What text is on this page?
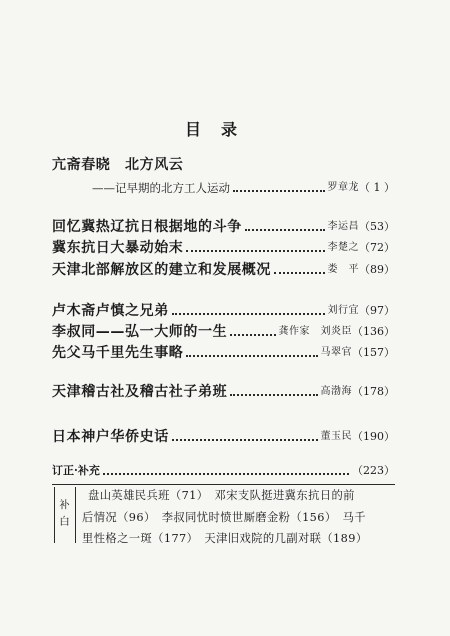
目　录
亢斋春晓　北方风云
——记早期的北方工人运动	罗章龙 （ 1 ）
回忆冀热辽抗日根据地的斗争	李运昌 （53）
冀东抗日大暴动始末	李楚之 （72）
天津北部解放区的建立和发展概况	娄　平 （89）
卢木斋卢慎之兄弟	刘行宜 （97）
李叔同——弘一大师的一生	龚作家　刘炎臣 （136）
先父马千里先生事略	马翠官 （157）
天津稽古社及稽古社子弟班	高渤海 （178）
日本神户华侨史话	董玉民 （190）
订正·补充	（223）
补白
盘山英雄民兵班（71）　邓宋支队挺进冀东抗日的前
后情况（96）　李叔同忧时愤世厮磨金粉（156）　马千
里性格之一斑（177）　天津旧戏院的几副对联（189）
